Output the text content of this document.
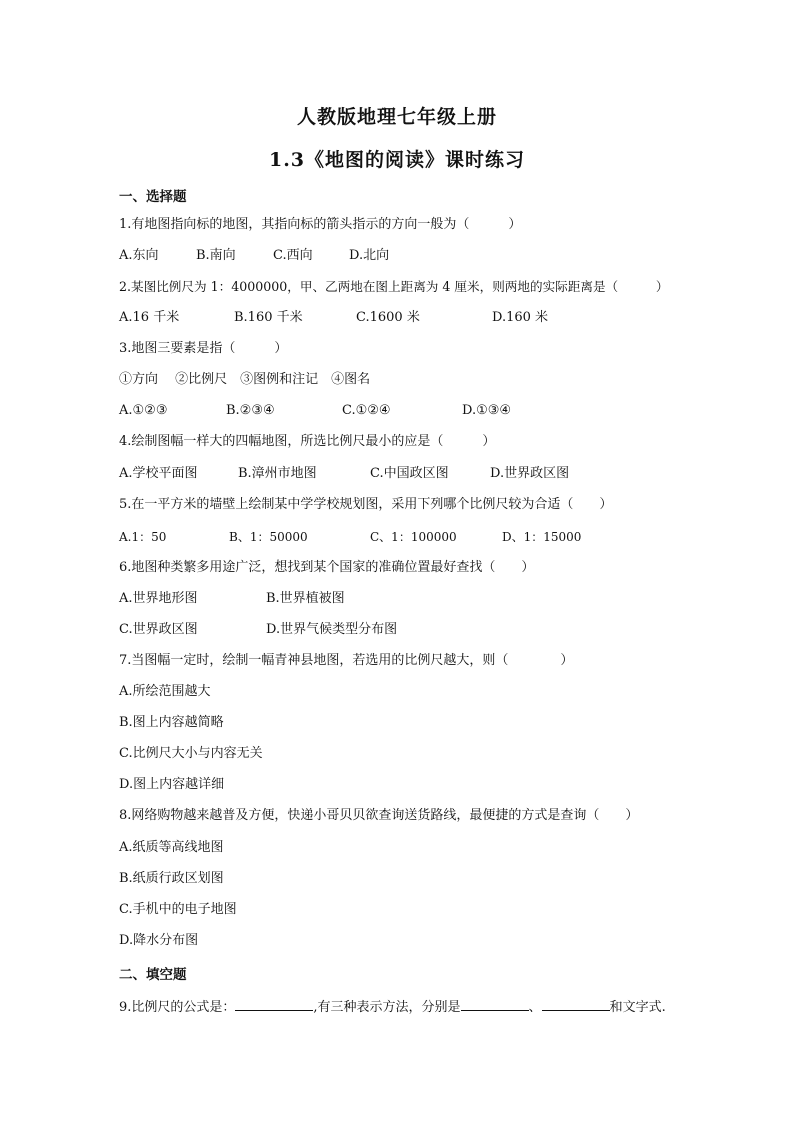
人教版地理七年级上册
1.3《地图的阅读》课时练习
一、选择题
1.有地图指向标的地图，其指向标的箭头指示的方向一般为（　　　）
A.东向	B.南向	C.西向	D.北向
2.某图比例尺为 1：4000000，甲、乙两地在图上距离为 4 厘米，则两地的实际距离是（　　　）
A.16 千米	B.160 千米	C.1600 米	D.160 米
3.地图三要素是指（　　　）
①方向　 ②比例尺　③图例和注记　④图名
A.①②③	B.②③④	C.①②④	D.①③④
4.绘制图幅一样大的四幅地图，所选比例尺最小的应是（　　　）
A.学校平面图	B.漳州市地图	C.中国政区图	D.世界政区图
5.在一平方米的墙壁上绘制某中学学校规划图，采用下列哪个比例尺较为合适（　　）
A.1：50	B、1：50000	C、1：100000	D、1：15000
6.地图种类繁多用途广泛，想找到某个国家的准确位置最好查找（　　）
A.世界地形图	B.世界植被图
C.世界政区图	D.世界气候类型分布图
7.当图幅一定时，绘制一幅青神县地图，若选用的比例尺越大，则（　　　　）
A.所绘范围越大
B.图上内容越简略
C.比例尺大小与内容无关
D.图上内容越详细
8.网络购物越来越普及方便，快递小哥贝贝欲查询送货路线，最便捷的方式是查询（　　）
A.纸质等高线地图
B.纸质行政区划图
C.手机中的电子地图
D.降水分布图
二、填空题
9.比例尺的公式是：	,有三种表示方法，分别是	、	和文字式.
